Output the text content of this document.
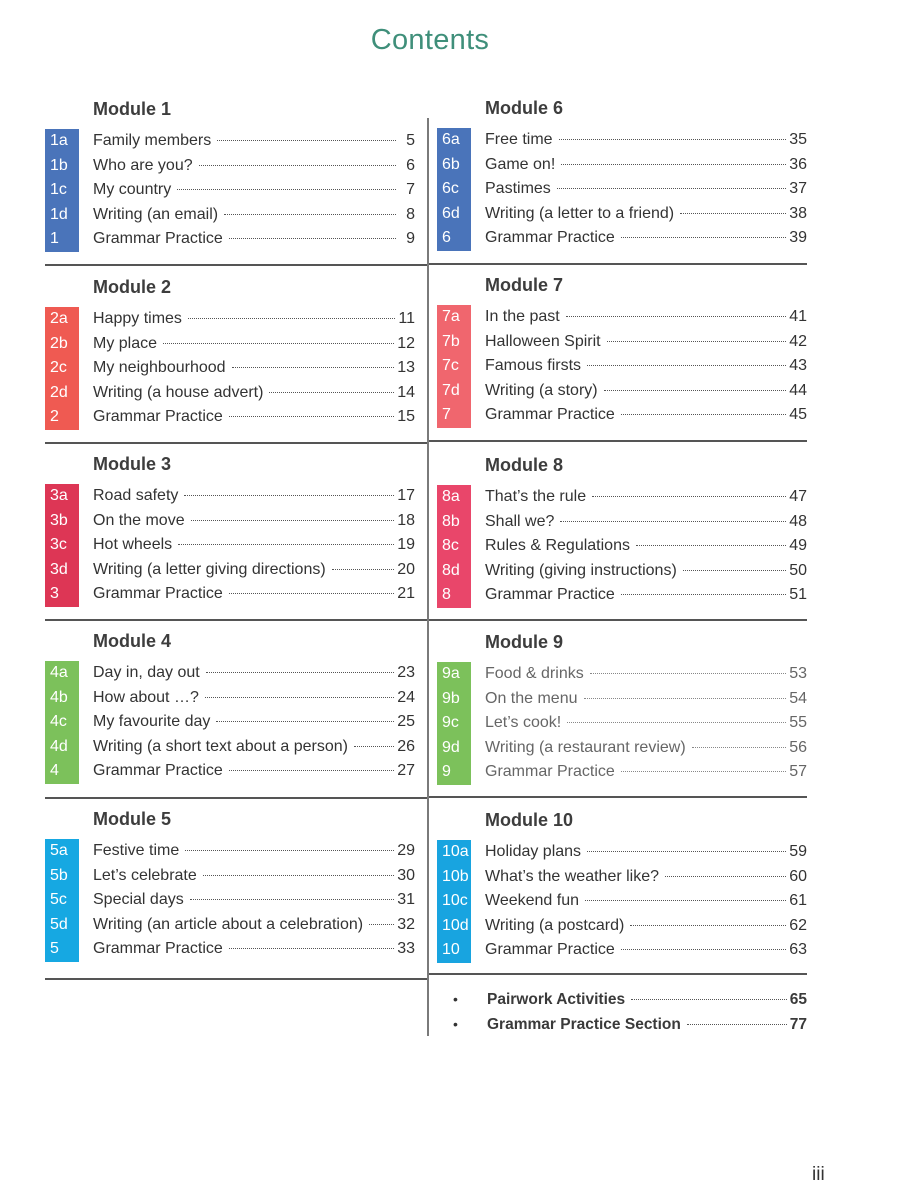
Contents
Module 1
1a	Family members	5
1b	Who are you?	6
1c	My country	7
1d	Writing (an email)	8
1	Grammar Practice	9
Module 2
2a	Happy times	11
2b	My place	12
2c	My neighbourhood	13
2d	Writing (a house advert)	14
2	Grammar Practice	15
Module 3
3a	Road safety	17
3b	On the move	18
3c	Hot wheels	19
3d	Writing (a letter giving directions)	20
3	Grammar Practice	21
Module 4
4a	Day in, day out	23
4b	How about …?	24
4c	My favourite day	25
4d	Writing (a short text about a person)	26
4	Grammar Practice	27
Module 5
5a	Festive time	29
5b	Let’s celebrate	30
5c	Special days	31
5d	Writing (an article about a celebration) 32
5	Grammar Practice	33
Module 6
6a	Free time	35
6b	Game on!	36
6c	Pastimes	37
6d	Writing (a letter to a friend)	38
6	Grammar Practice	39
Module 7
7a	In the past	41
7b	Halloween Spirit	42
7c	Famous firsts	43
7d	Writing (a story)	44
7	Grammar Practice	45
Module 8
8a	That’s the rule	47
8b	Shall we?	48
8c	Rules & Regulations	49
8d	Writing (giving instructions)	50
8	Grammar Practice	51
Module 9
9a	Food & drinks	53
9b	On the menu	54
9c	Let’s cook!	55
9d	Writing (a restaurant review)	56
9	Grammar Practice	57
Module 10
10a Holiday plans	59
10b What’s the weather like?	60
10c Weekend fun	61
10d Writing (a postcard)	62
10	Grammar Practice	63
• Pairwork Activities	65
• Grammar Practice Section	77
iii
